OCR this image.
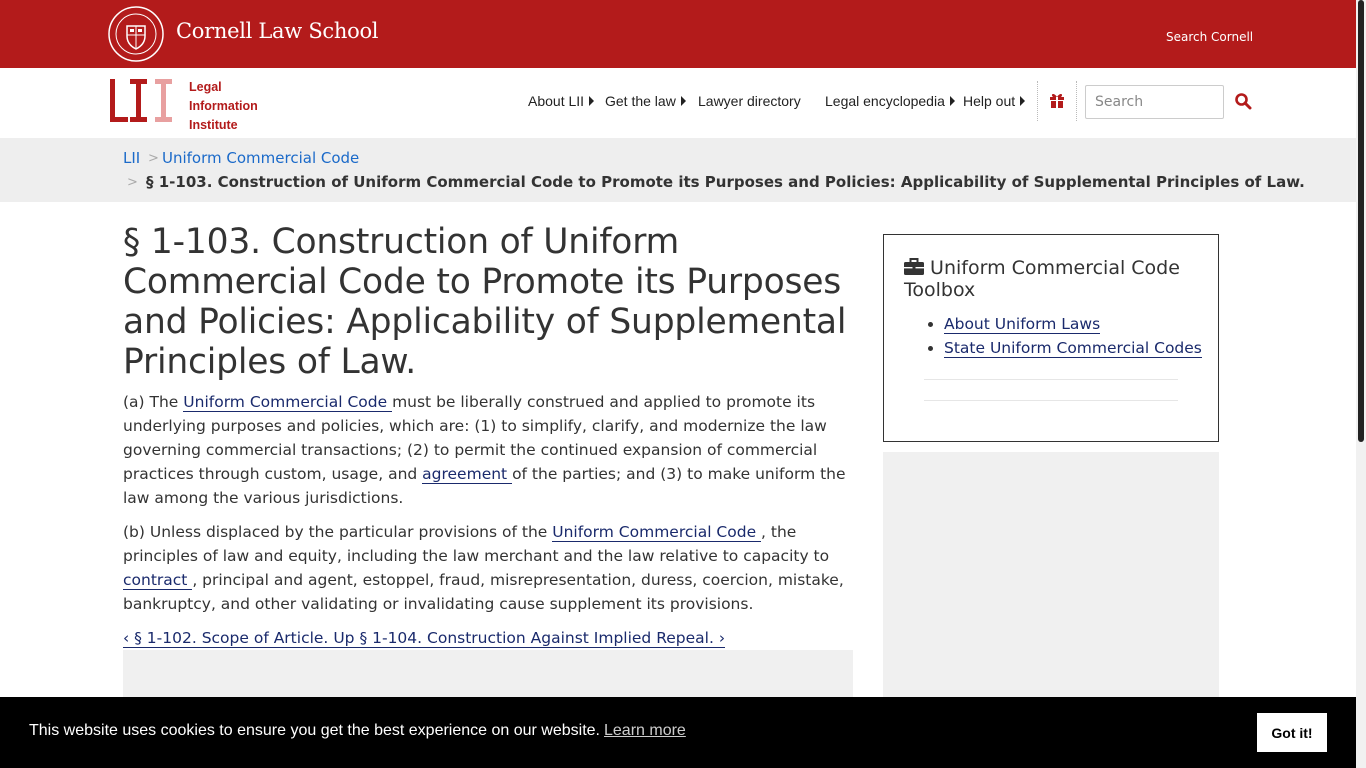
Cornell Law School	Search Cornell
Legal
Information
Institute
About LII	Get the law	Lawyer directory Legal encyclopedia	Help out
Search
LII > Uniform Commercial Code
> § 1-103. Construction of Uniform Commercial Code to Promote its Purposes and Policies: Applicability of Supplemental Principles of Law.
§ 1-103. Construction of Uniform Commercial Code to Promote its Purposes and Policies: Applicability of Supplemental Principles of Law.

(a) The Uniform Commercial Code must be liberally construed and applied to promote its underlying purposes and policies, which are: (1) to simplify, clarify, and modernize the law governing commercial transactions; (2) to permit the continued expansion of commercial practices through custom, usage, and agreement of the parties; and (3) to make uniform the law among the various jurisdictions.

(b) Unless displaced by the particular provisions of the Uniform Commercial Code , the principles of law and equity, including the law merchant and the law relative to capacity to contract , principal and agent, estoppel, fraud, misrepresentation, duress, coercion, mistake, bankruptcy, and other validating or invalidating cause supplement its provisions.

‹ § 1-102. Scope of Article. Up § 1-104. Construction Against Implied Repeal. ›
Uniform Commercial Code Toolbox
About Uniform Laws
State Uniform Commercial Codes
This website uses cookies to ensure you get the best experience on our website. Learn more	Got it!
